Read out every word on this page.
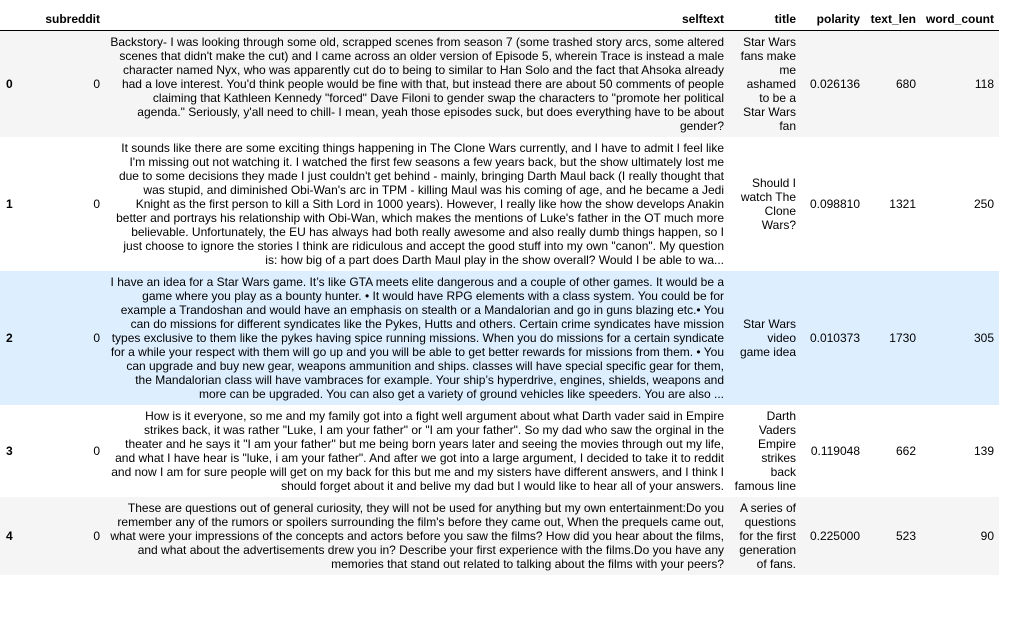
	subreddit	selftext	title	polarity	text_len	word_count
0	0	Backstory- I was looking through some old, scrapped scenes from season 7 (some trashed story arcs, some altered scenes that didn't make the cut) and I came across an older version of Episode 5, wherein Trace is instead a male character named Nyx, who was apparently cut do to being to similar to Han Solo and the fact that Ahsoka already had a love interest. You'd think people would be fine with that, but instead there are about 50 comments of people claiming that Kathleen Kennedy "forced" Dave Filoni to gender swap the characters to "promote her political agenda." Seriously, y'all need to chill- I mean, yeah those episodes suck, but does everything have to be about gender?	Star Wars fans make me ashamed to be a Star Wars fan	0.026136	680	118
1	0	It sounds like there are some exciting things happening in The Clone Wars currently, and I have to admit I feel like I'm missing out not watching it. I watched the first few seasons a few years back, but the show ultimately lost me due to some decisions they made I just couldn't get behind - mainly, bringing Darth Maul back (I really thought that was stupid, and diminished Obi-Wan's arc in TPM - killing Maul was his coming of age, and he became a Jedi Knight as the first person to kill a Sith Lord in 1000 years). However, I really like how the show develops Anakin better and portrays his relationship with Obi-Wan, which makes the mentions of Luke's father in the OT much more believable. Unfortunately, the EU has always had both really awesome and also really dumb things happen, so I just choose to ignore the stories I think are ridiculous and accept the good stuff into my own "canon". My question is: how big of a part does Darth Maul play in the show overall? Would I be able to wa...	Should I watch The Clone Wars?	0.098810	1321	250
2	0	I have an idea for a Star Wars game. It’s like GTA meets elite dangerous and a couple of other games. It would be a game where you play as a bounty hunter. • It would have RPG elements with a class system. You could be for example a Trandoshan and would have an emphasis on stealth or a Mandalorian and go in guns blazing etc.• You can do missions for different syndicates like the Pykes, Hutts and others. Certain crime syndicates have mission types exclusive to them like the pykes having spice running missions. When you do missions for a certain syndicate for a while your respect with them will go up and you will be able to get better rewards for missions from them. • You can upgrade and buy new gear, weapons ammunition and ships. classes will have special specific gear for them, the Mandalorian class will have vambraces for example. Your ship’s hyperdrive, engines, shields, weapons and more can be upgraded. You can also get a variety of ground vehicles like speeders. You are also ...	Star Wars video game idea	0.010373	1730	305
3	0	How is it everyone, so me and my family got into a fight well argument about what Darth vader said in Empire strikes back, it was rather "Luke, I am your father" or "I am your father". So my dad who saw the orginal in the theater and he says it "I am your father" but me being born years later and seeing the movies through out my life, and what I have hear is "luke, i am your father". And after we got into a large argument, I decided to take it to reddit and now I am for sure people will get on my back for this but me and my sisters have different answers, and I think I should forget about it and belive my dad but I would like to hear all of your answers.	Darth Vaders Empire strikes back famous line	0.119048	662	139
4	0	These are questions out of general curiosity, they will not be used for anything but my own entertainment:Do you remember any of the rumors or spoilers surrounding the film's before they came out, When the prequels came out, what were your impressions of the concepts and actors before you saw the films? How did you hear about the films, and what about the advertisements drew you in? Describe your first experience with the films.Do you have any memories that stand out related to talking about the films with your peers?	A series of questions for the first generation of fans.	0.225000	523	90
